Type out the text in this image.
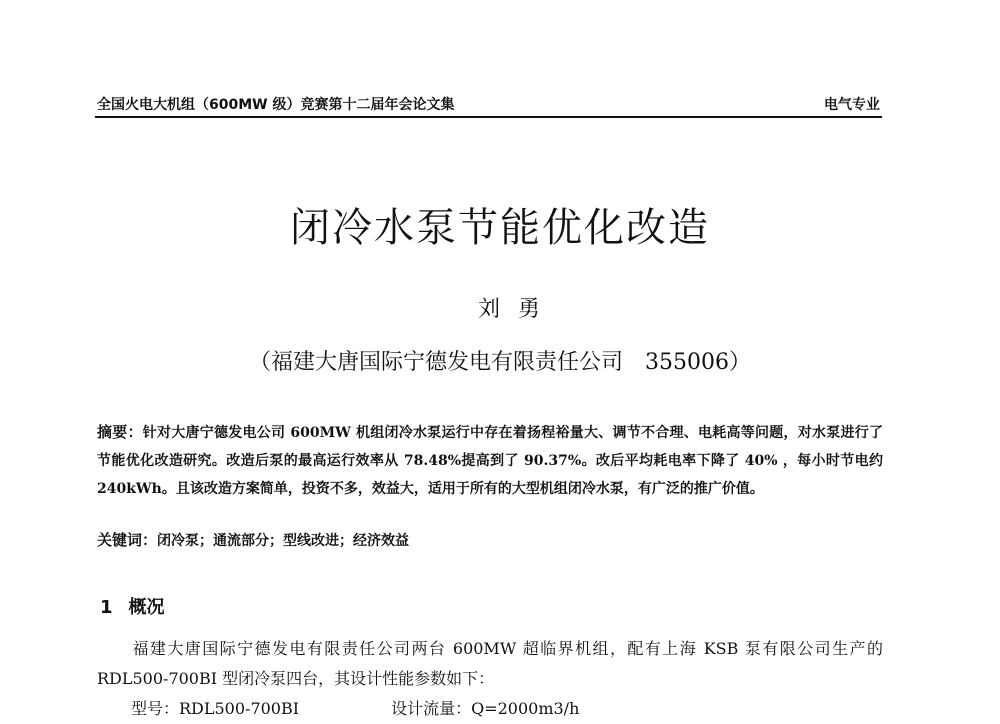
全国火电大机组（600MW 级）竞赛第十二届年会论文集	电气专业
闭冷水泵节能优化改造
刘勇
（福建大唐国际宁德发电有限责任公司 355006）
摘要：针对大唐宁德发电公司 600MW 机组闭冷水泵运行中存在着扬程裕量大、调节不合理、电耗高等问题，对水泵进行了节能优化改造研究。改造后泵的最高运行效率从 78.48%提高到了 90.37%。改后平均耗电率下降了 40% ，每小时节电约 240kWh。且该改造方案简单，投资不多，效益大，适用于所有的大型机组闭冷水泵，有广泛的推广价值。
关键词：闭冷泵；通流部分；型线改进；经济效益
1 概况
福建大唐国际宁德发电有限责任公司两台 600MW 超临界机组，配有上海 KSB 泵有限公司生产的 RDL500-700BI 型闭冷泵四台，其设计性能参数如下：
型号：RDL500-700BI	设计流量：Q=2000m3/h
